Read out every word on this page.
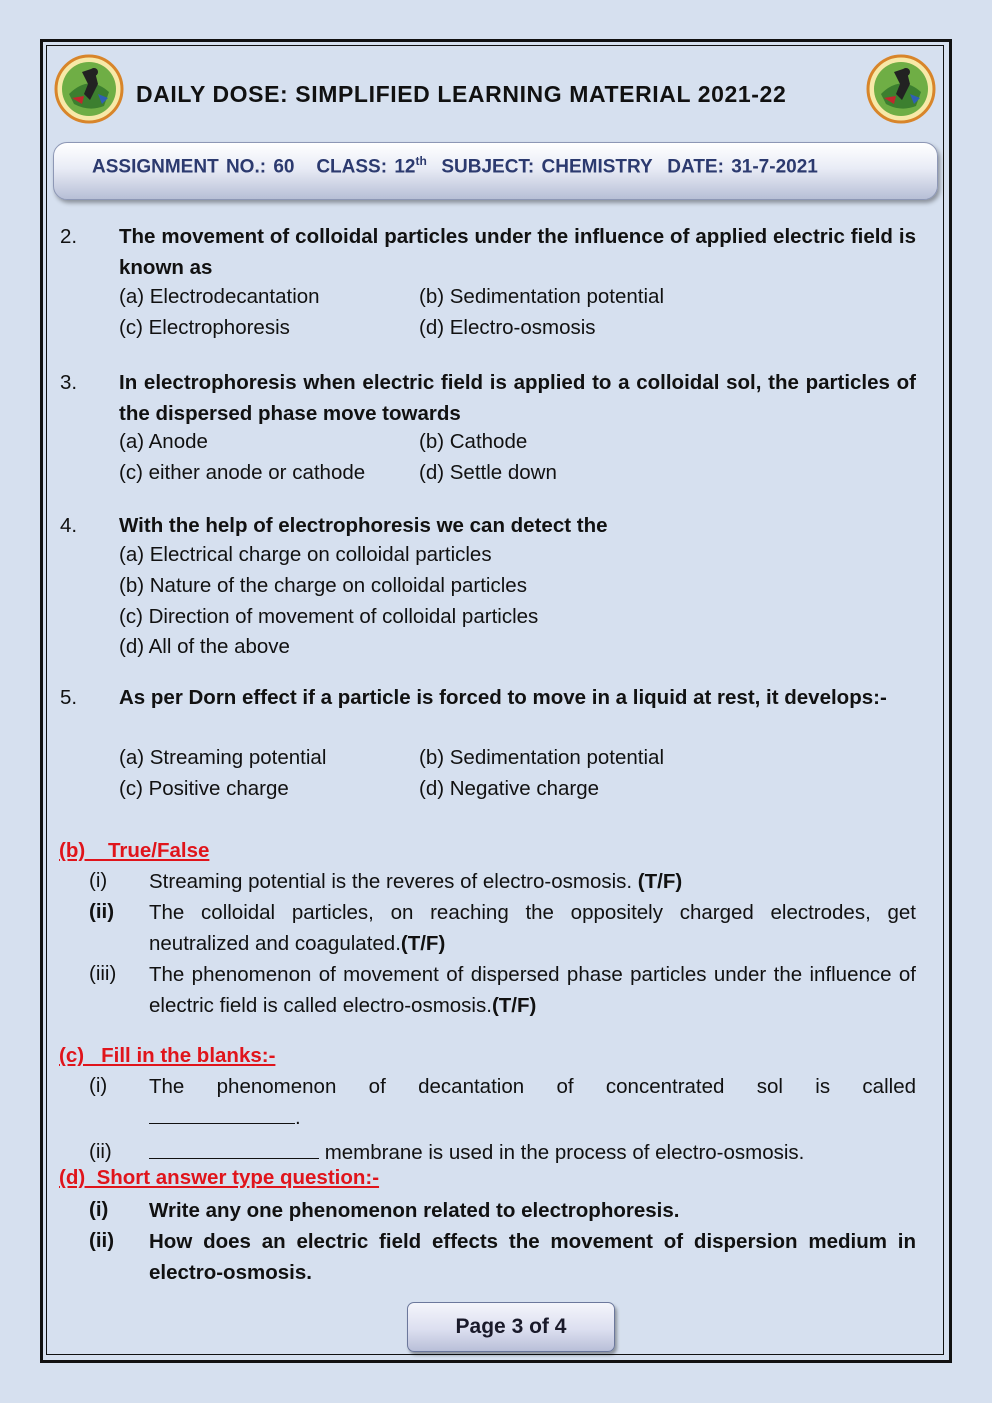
DAILY DOSE: SIMPLIFIED LEARNING MATERIAL 2021-22
ASSIGNMENT NO.: 60 CLASS: 12th SUBJECT: CHEMISTRY DATE: 31-7-2021
2. The movement of colloidal particles under the influence of applied electric field is known as
(a) Electrodecantation	(b) Sedimentation potential
(c) Electrophoresis	(d) Electro-osmosis
3. In electrophoresis when electric field is applied to a colloidal sol, the particles of the dispersed phase move towards
(a) Anode	(b) Cathode
(c) either anode or cathode	(d) Settle down
4. With the help of electrophoresis we can detect the
(a) Electrical charge on colloidal particles
(b) Nature of the charge on colloidal particles
(c) Direction of movement of colloidal particles
(d) All of the above
5. As per Dorn effect if a particle is forced to move in a liquid at rest, it develops:-
(a) Streaming potential	(b) Sedimentation potential
(c) Positive charge	(d) Negative charge
(b)    True/False
(i) Streaming potential is the reveres of electro-osmosis. (T/F)
(ii) The colloidal particles, on reaching the oppositely charged electrodes, get neutralized and coagulated.(T/F)
(iii) The phenomenon of movement of dispersed phase particles under the influence of electric field is called electro-osmosis.(T/F)
(c)   Fill in the blanks:-
(i) The phenomenon of decantation of concentrated sol is called
.
(ii)	membrane is used in the process of electro-osmosis.
(d)  Short answer type question:-
(i) Write any one phenomenon related to electrophoresis.
(ii) How does an electric field effects the movement of dispersion medium in electro-osmosis.
Page 3 of 4
